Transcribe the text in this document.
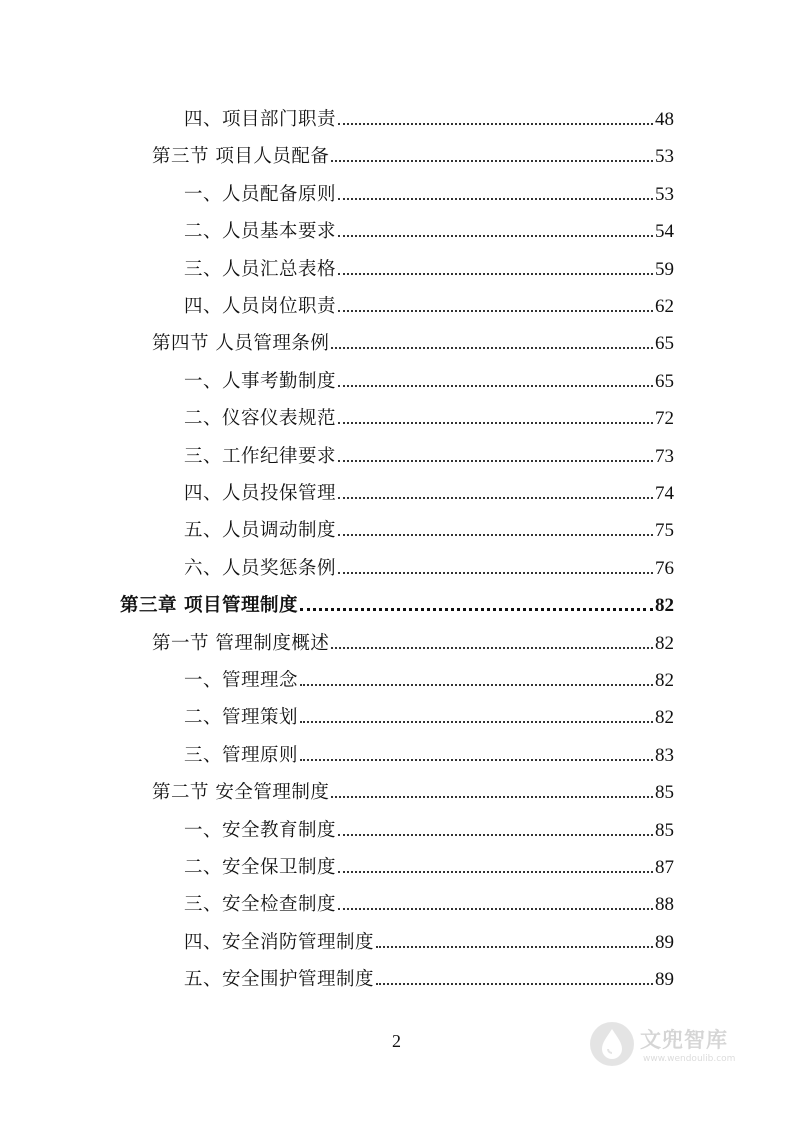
四、项目部门职责	48
第三节 项目人员配备	53
一、人员配备原则	53
二、人员基本要求	54
三、人员汇总表格	59
四、人员岗位职责	62
第四节 人员管理条例	65
一、人事考勤制度	65
二、仪容仪表规范	72
三、工作纪律要求	73
四、人员投保管理	74
五、人员调动制度	75
六、人员奖惩条例	76
第三章 项目管理制度	82
第一节 管理制度概述	82
一、管理理念	82
二、管理策划	82
三、管理原则	83
第二节 安全管理制度	85
一、安全教育制度	85
二、安全保卫制度	87
三、安全检查制度	88
四、安全消防管理制度	89
五、安全围护管理制度	89
2	文兜智库
www.wendoulib.com
